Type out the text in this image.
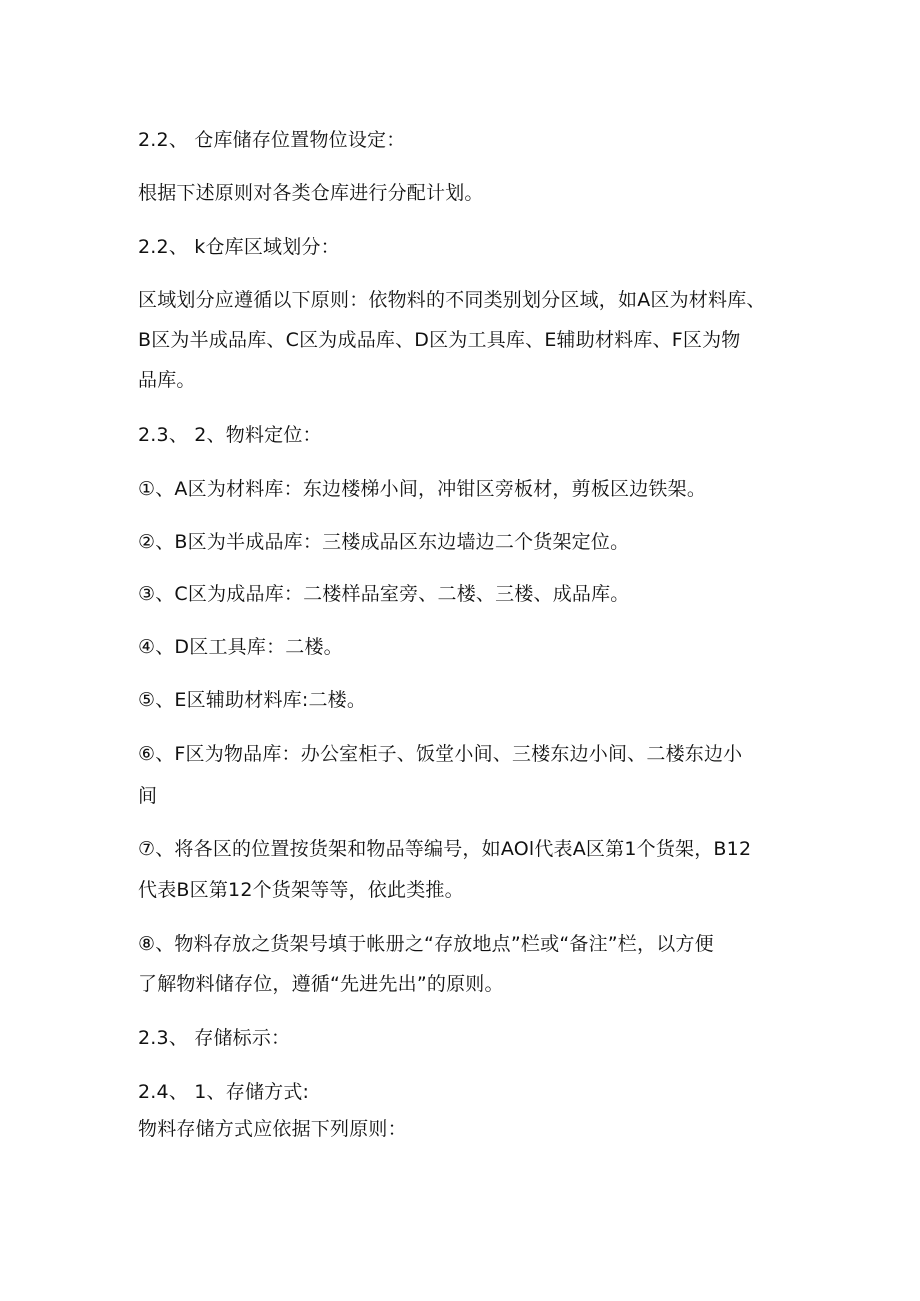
2.2、 仓库储存位置物位设定：
根据下述原则对各类仓库进行分配计划。
2.2、 k仓库区域划分：
区域划分应遵循以下原则：依物料的不同类别划分区域，如A区为材料库、
B区为半成品库、C区为成品库、D区为工具库、E辅助材料库、F区为物
品库。
2.3、 2、物料定位：
①、A区为材料库：东边楼梯小间，冲钳区旁板材，剪板区边铁架。
②、B区为半成品库：三楼成品区东边墙边二个货架定位。
③、C区为成品库：二楼样品室旁、二楼、三楼、成品库。
④、D区工具库：二楼。
⑤、E区辅助材料库:二楼。
⑥、F区为物品库：办公室柜子、饭堂小间、三楼东边小间、二楼东边小
间
⑦、将各区的位置按货架和物品等编号，如AOl代表A区第1个货架，B12
代表B区第12个货架等等，依此类推。
⑧、物料存放之货架号填于帐册之“存放地点”栏或“备注”栏，以方便
了解物料储存位，遵循“先进先出”的原则。
2.3、 存储标示：
2.4、 1、存储方式:
物料存储方式应依据下列原则：
